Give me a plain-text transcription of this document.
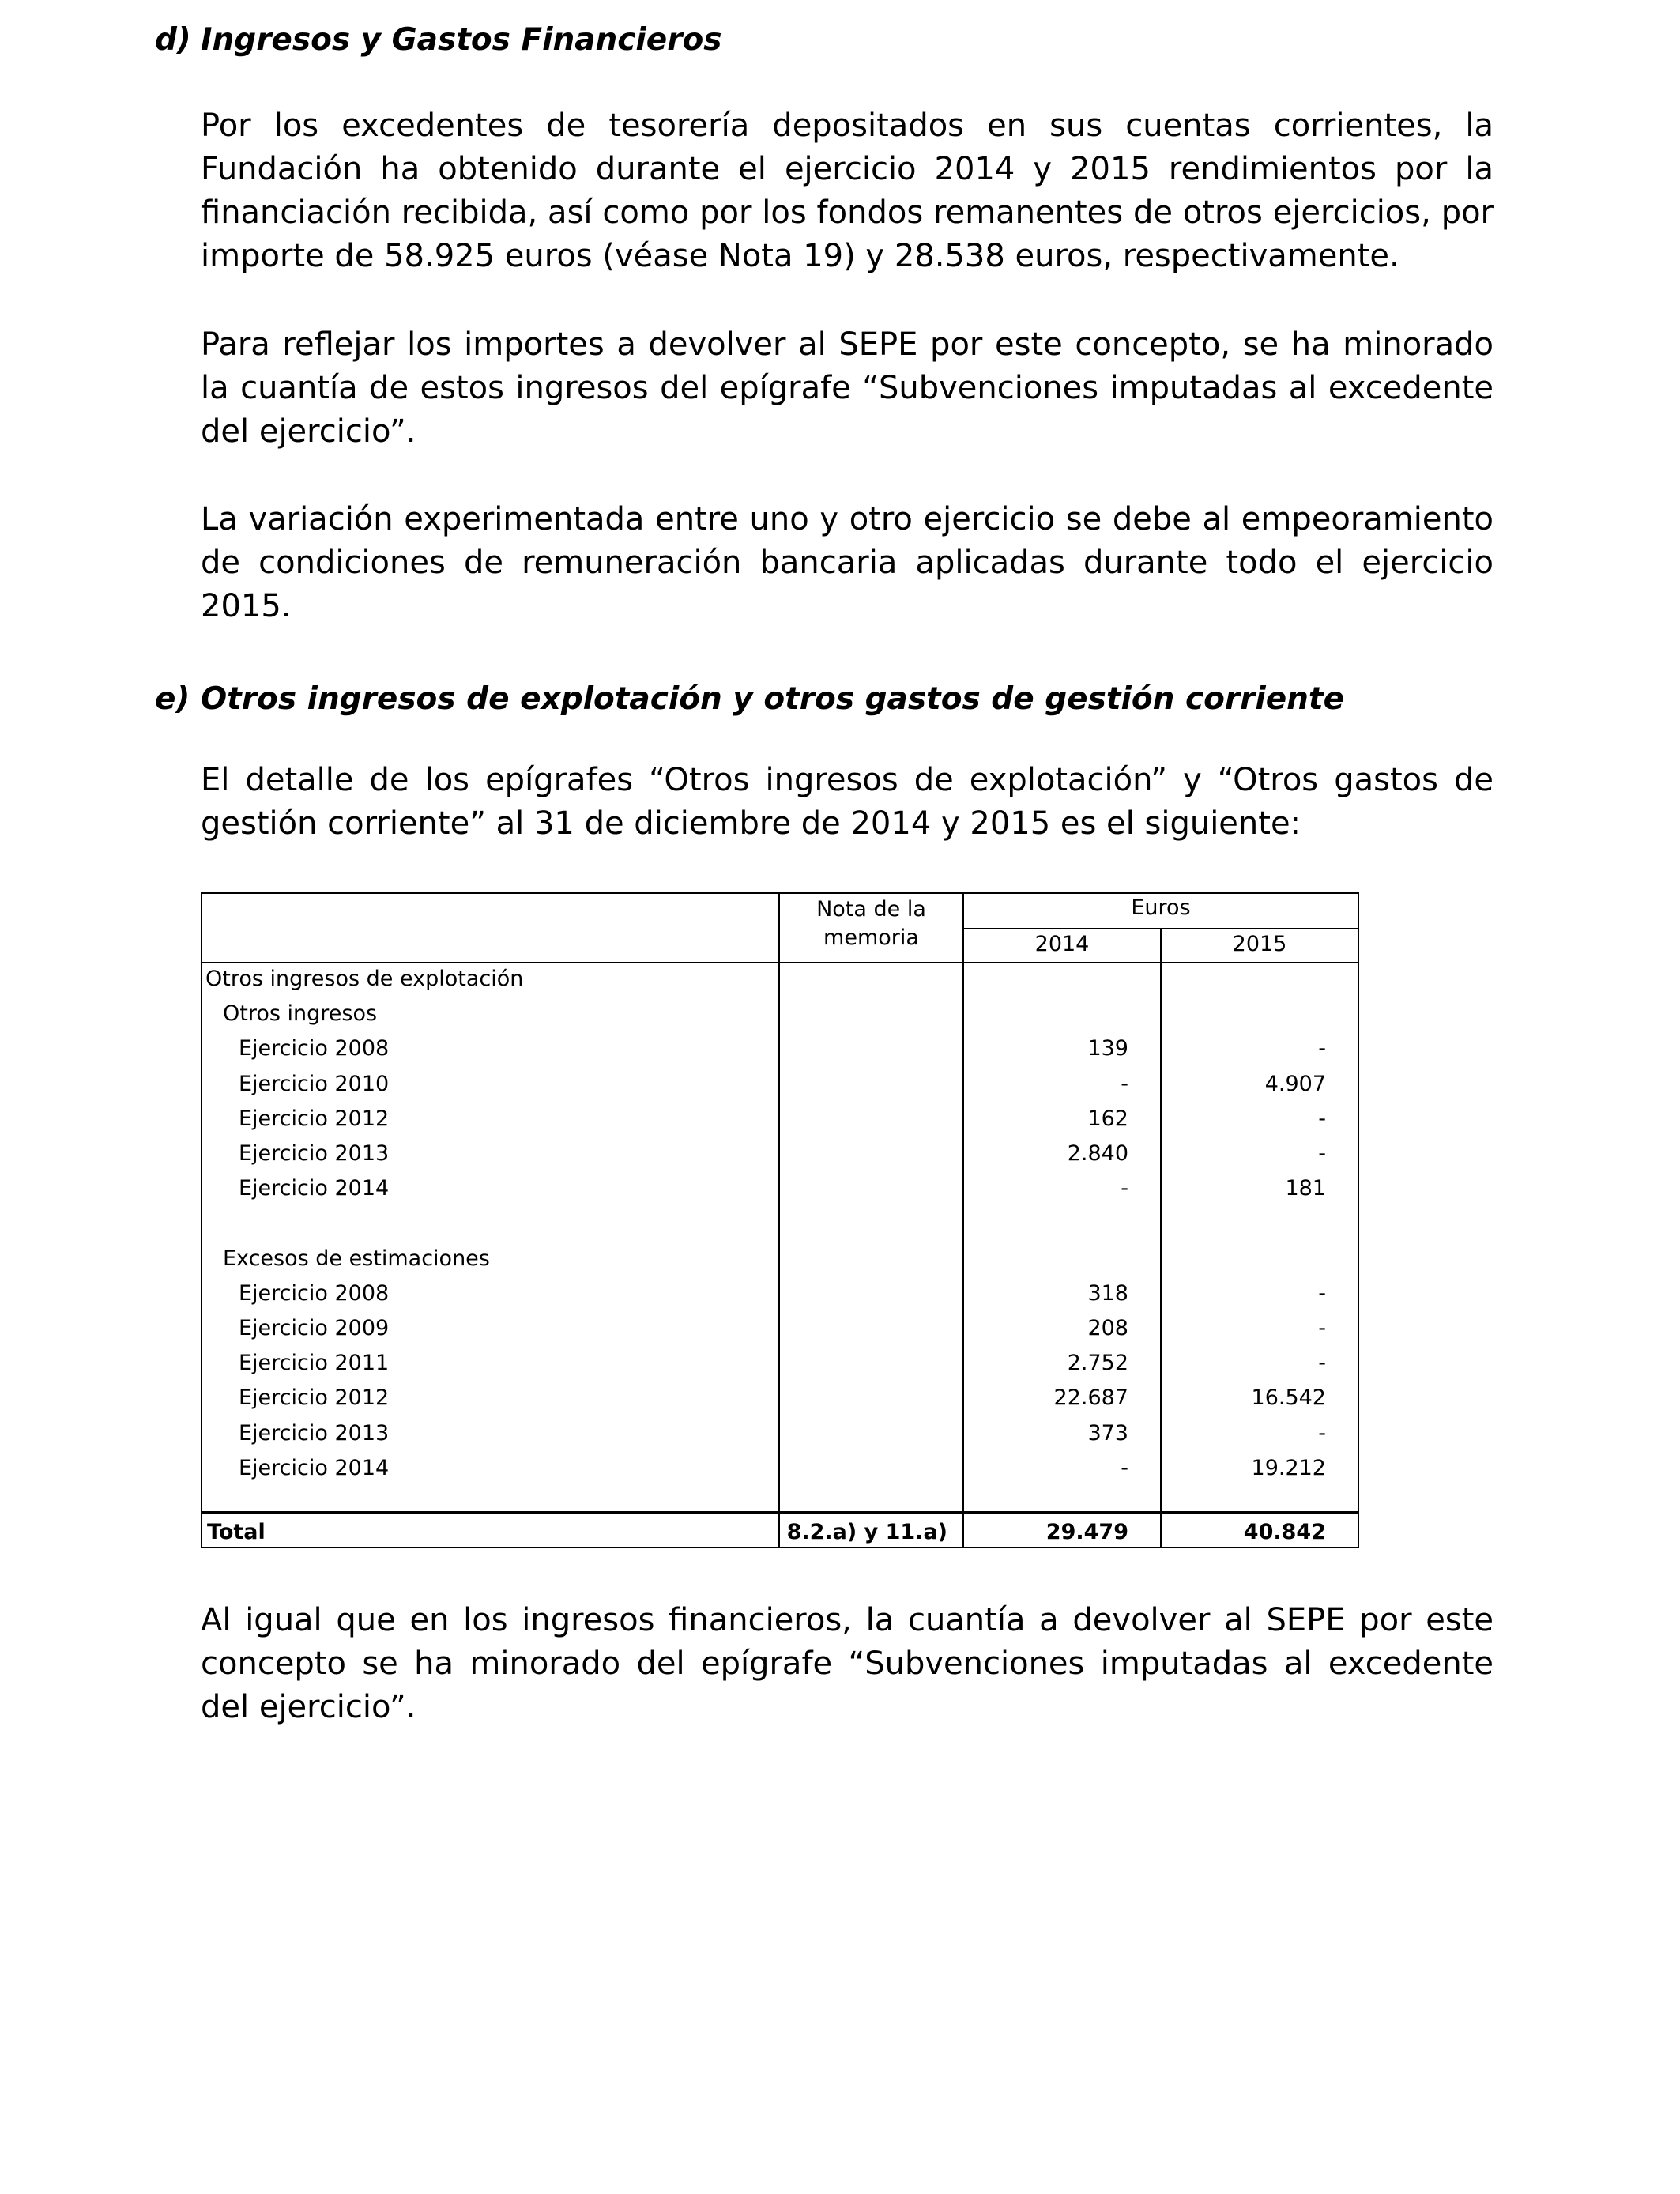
d) Ingresos y Gastos Financieros

Por los excedentes de tesorería depositados en sus cuentas corrientes, la Fundación ha obtenido durante el ejercicio 2014 y 2015 rendimientos por la financiación recibida, así como por los fondos remanentes de otros ejercicios, por importe de 58.925 euros (véase Nota 19) y 28.538 euros, respectivamente.

Para reflejar los importes a devolver al SEPE por este concepto, se ha minorado la cuantía de estos ingresos del epígrafe “Subvenciones imputadas al excedente del ejercicio”.

La variación experimentada entre uno y otro ejercicio se debe al empeoramiento de condiciones de remuneración bancaria aplicadas durante todo el ejercicio 2015.

e) Otros ingresos de explotación y otros gastos de gestión corriente

El detalle de los epígrafes “Otros ingresos de explotación” y “Otros gastos de gestión corriente” al 31 de diciembre de 2014 y 2015 es el siguiente:

Nota de la
memoria
Euros
2014	2015
Otros ingresos de explotación
Otros ingresos
Ejercicio 2008	139	-
Ejercicio 2010	-	4.907
Ejercicio 2012	162	-
Ejercicio 2013	2.840	-
Ejercicio 2014	-	181
Excesos de estimaciones
Ejercicio 2008	318	-
Ejercicio 2009	208	-
Ejercicio 2011	2.752	-
Ejercicio 2012	22.687	16.542
Ejercicio 2013	373	-
Ejercicio 2014	-	19.212
Total	8.2.a) y 11.a)	29.479	40.842

Al igual que en los ingresos financieros, la cuantía a devolver al SEPE por este concepto se ha minorado del epígrafe “Subvenciones imputadas al excedente del ejercicio”.
